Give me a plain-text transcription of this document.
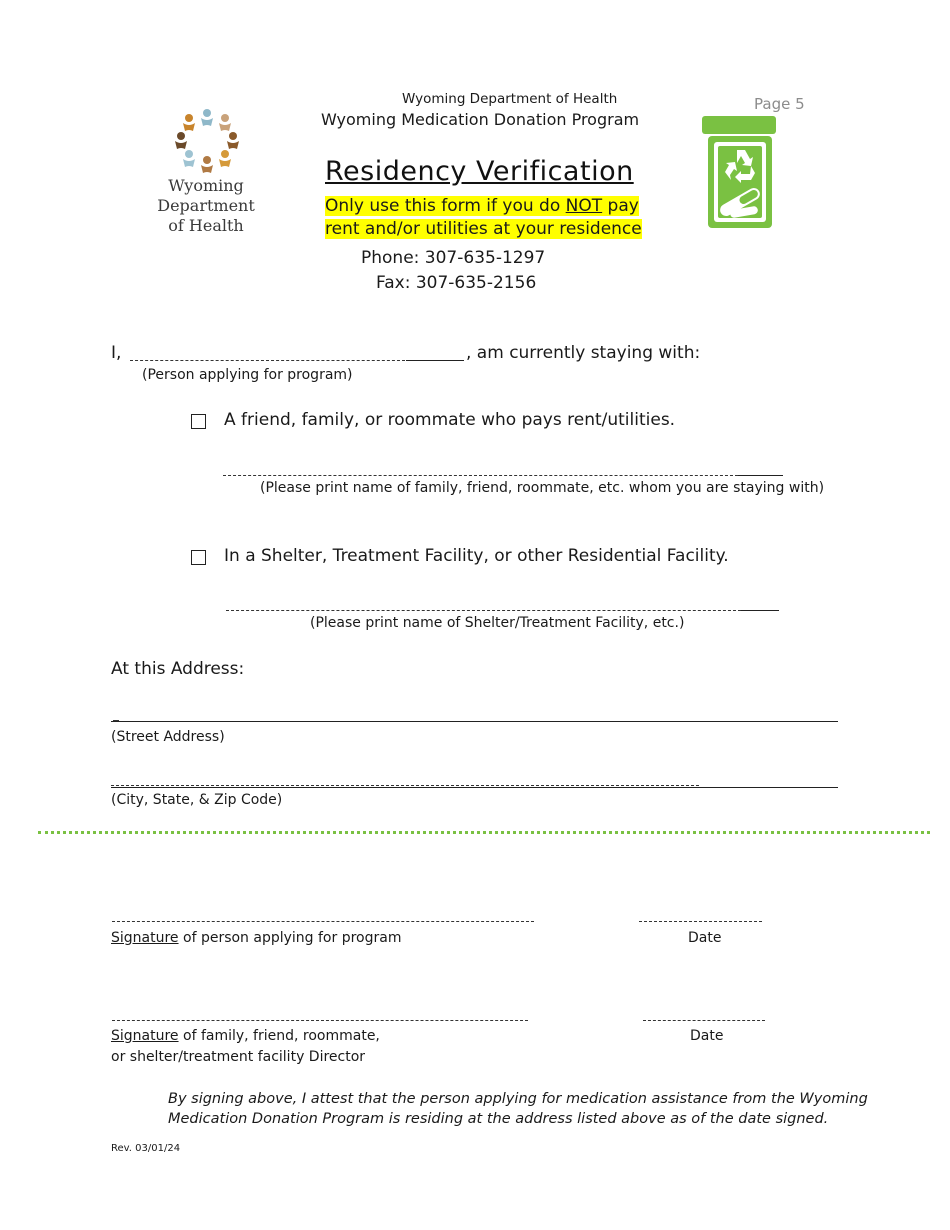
Wyoming Department of Health
Wyoming Medication Donation Program
Page 5
Wyoming
Department
of Health
Residency Verification
Only use this form if you do NOT pay
rent and/or utilities at your residence
Phone: 307-635-1297
Fax: 307-635-2156
I,	, am currently staying with:
(Person applying for program)
A friend, family, or roommate who pays rent/utilities.
(Please print name of family, friend, roommate, etc. whom you are staying with)
In a Shelter, Treatment Facility, or other Residential Facility.
(Please print name of Shelter/Treatment Facility, etc.)
At this Address:
(Street Address)
(City, State, & Zip Code)
Signature of person applying for program	Date
Signature of family, friend, roommate,
or shelter/treatment facility Director
Date
By signing above, I attest that the person applying for medication assistance from the Wyoming
Medication Donation Program is residing at the address listed above as of the date signed.
Rev. 03/01/24
